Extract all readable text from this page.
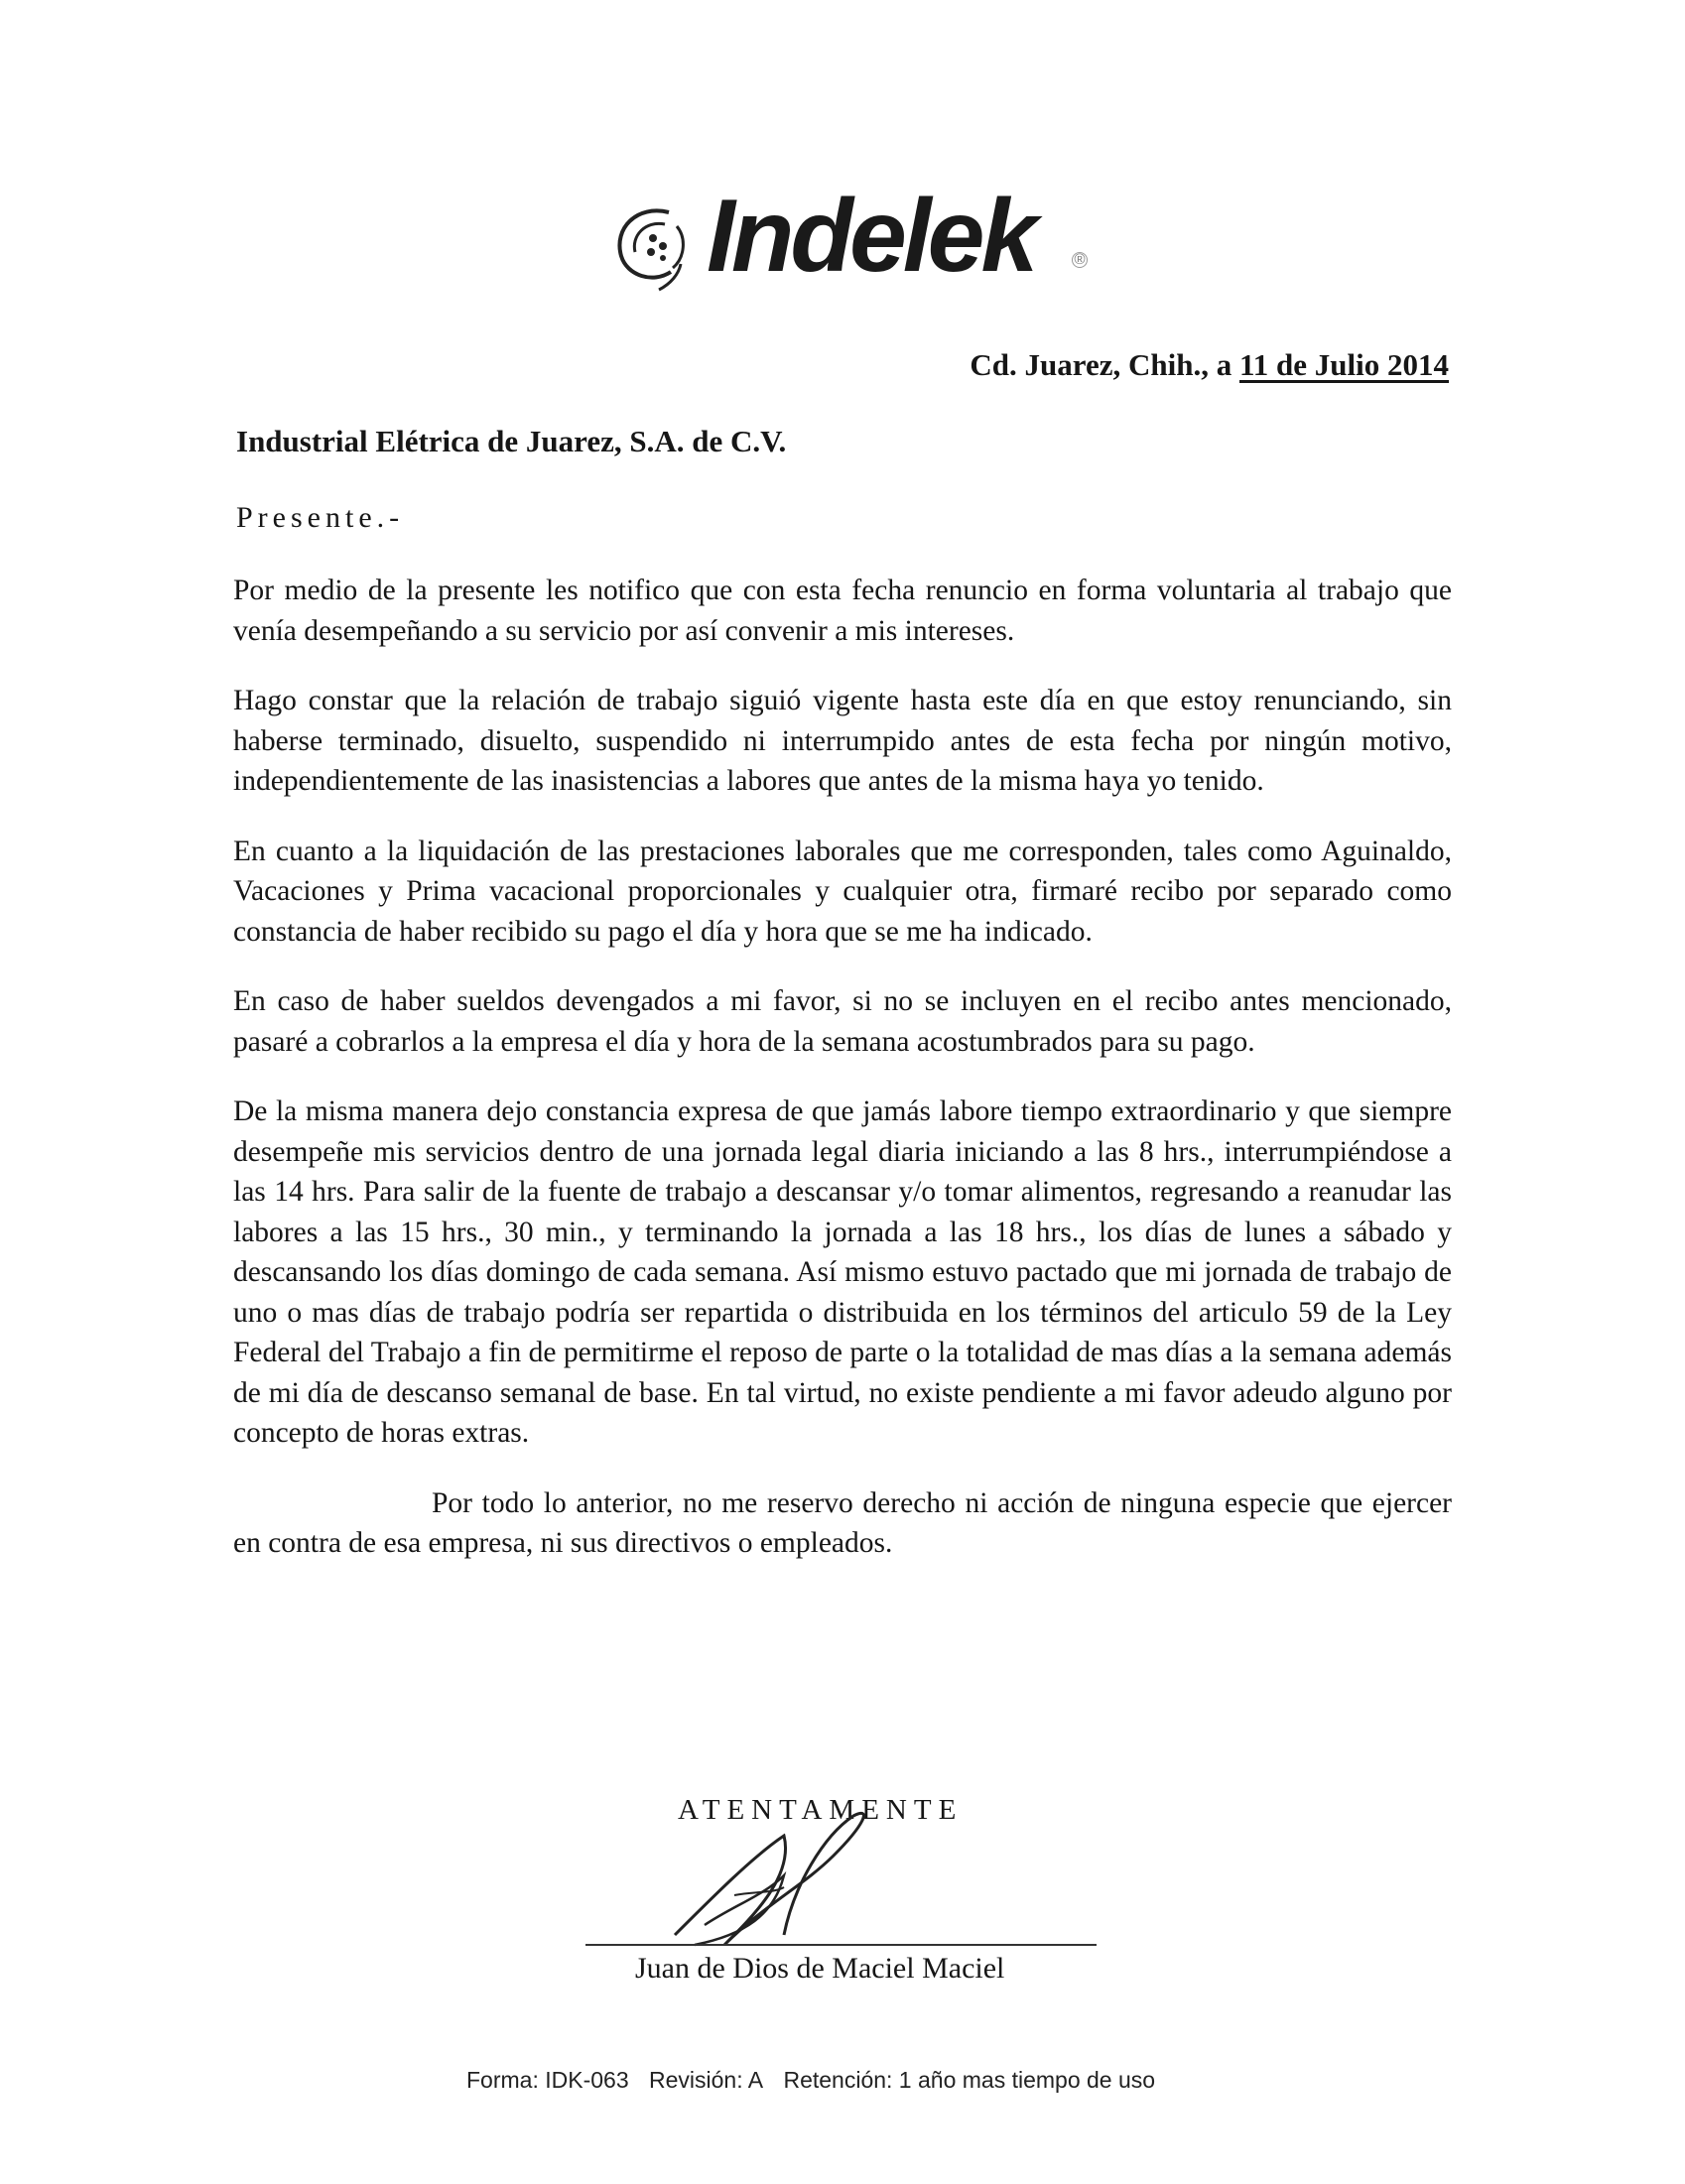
Indelek	®
Cd. Juarez, Chih., a 11 de Julio 2014
Industrial Elétrica de Juarez, S.A. de C.V.
Presente.-

Por medio de la presente les notifico que con esta fecha renuncio en forma voluntaria al trabajo que venía desempeñando a su servicio por así convenir a mis intereses.

Hago constar que la relación de trabajo siguió vigente hasta este día en que estoy renunciando, sin haberse terminado, disuelto, suspendido ni interrumpido antes de esta fecha por ningún motivo, independientemente de las inasistencias a labores que antes de la misma haya yo tenido.

En cuanto a la liquidación de las prestaciones laborales que me corresponden, tales como Aguinaldo, Vacaciones y Prima vacacional proporcionales y cualquier otra, firmaré recibo por separado como constancia de haber recibido su pago el día y hora que se me ha indicado.

En caso de haber sueldos devengados a mi favor, si no se incluyen en el recibo antes mencionado, pasaré a cobrarlos a la empresa el día y hora de la semana acostumbrados para su pago.

De la misma manera dejo constancia expresa de que jamás labore tiempo extraordinario y que siempre desempeñe mis servicios dentro de una jornada legal diaria iniciando a las 8 hrs., interrumpiéndose a las 14 hrs. Para salir de la fuente de trabajo a descansar y/o tomar alimentos, regresando a reanudar las labores a las 15 hrs., 30 min., y terminando la jornada a las 18 hrs., los días de lunes a sábado y descansando los días domingo de cada semana. Así mismo estuvo pactado que mi jornada de trabajo de uno o mas días de trabajo podría ser repartida o distribuida en los términos del articulo 59 de la Ley Federal del Trabajo a fin de permitirme el reposo de parte o la totalidad de mas días a la semana además de mi día de descanso semanal de base. En tal virtud, no existe pendiente a mi favor adeudo alguno por concepto de horas extras.

Por todo lo anterior, no me reservo derecho ni acción de ninguna especie que ejercer en contra de esa empresa, ni sus directivos o empleados.

ATENTAMENTE
Juan de Dios de Maciel Maciel
Forma: IDK-063 Revisión: A Retención: 1 año mas tiempo de uso
